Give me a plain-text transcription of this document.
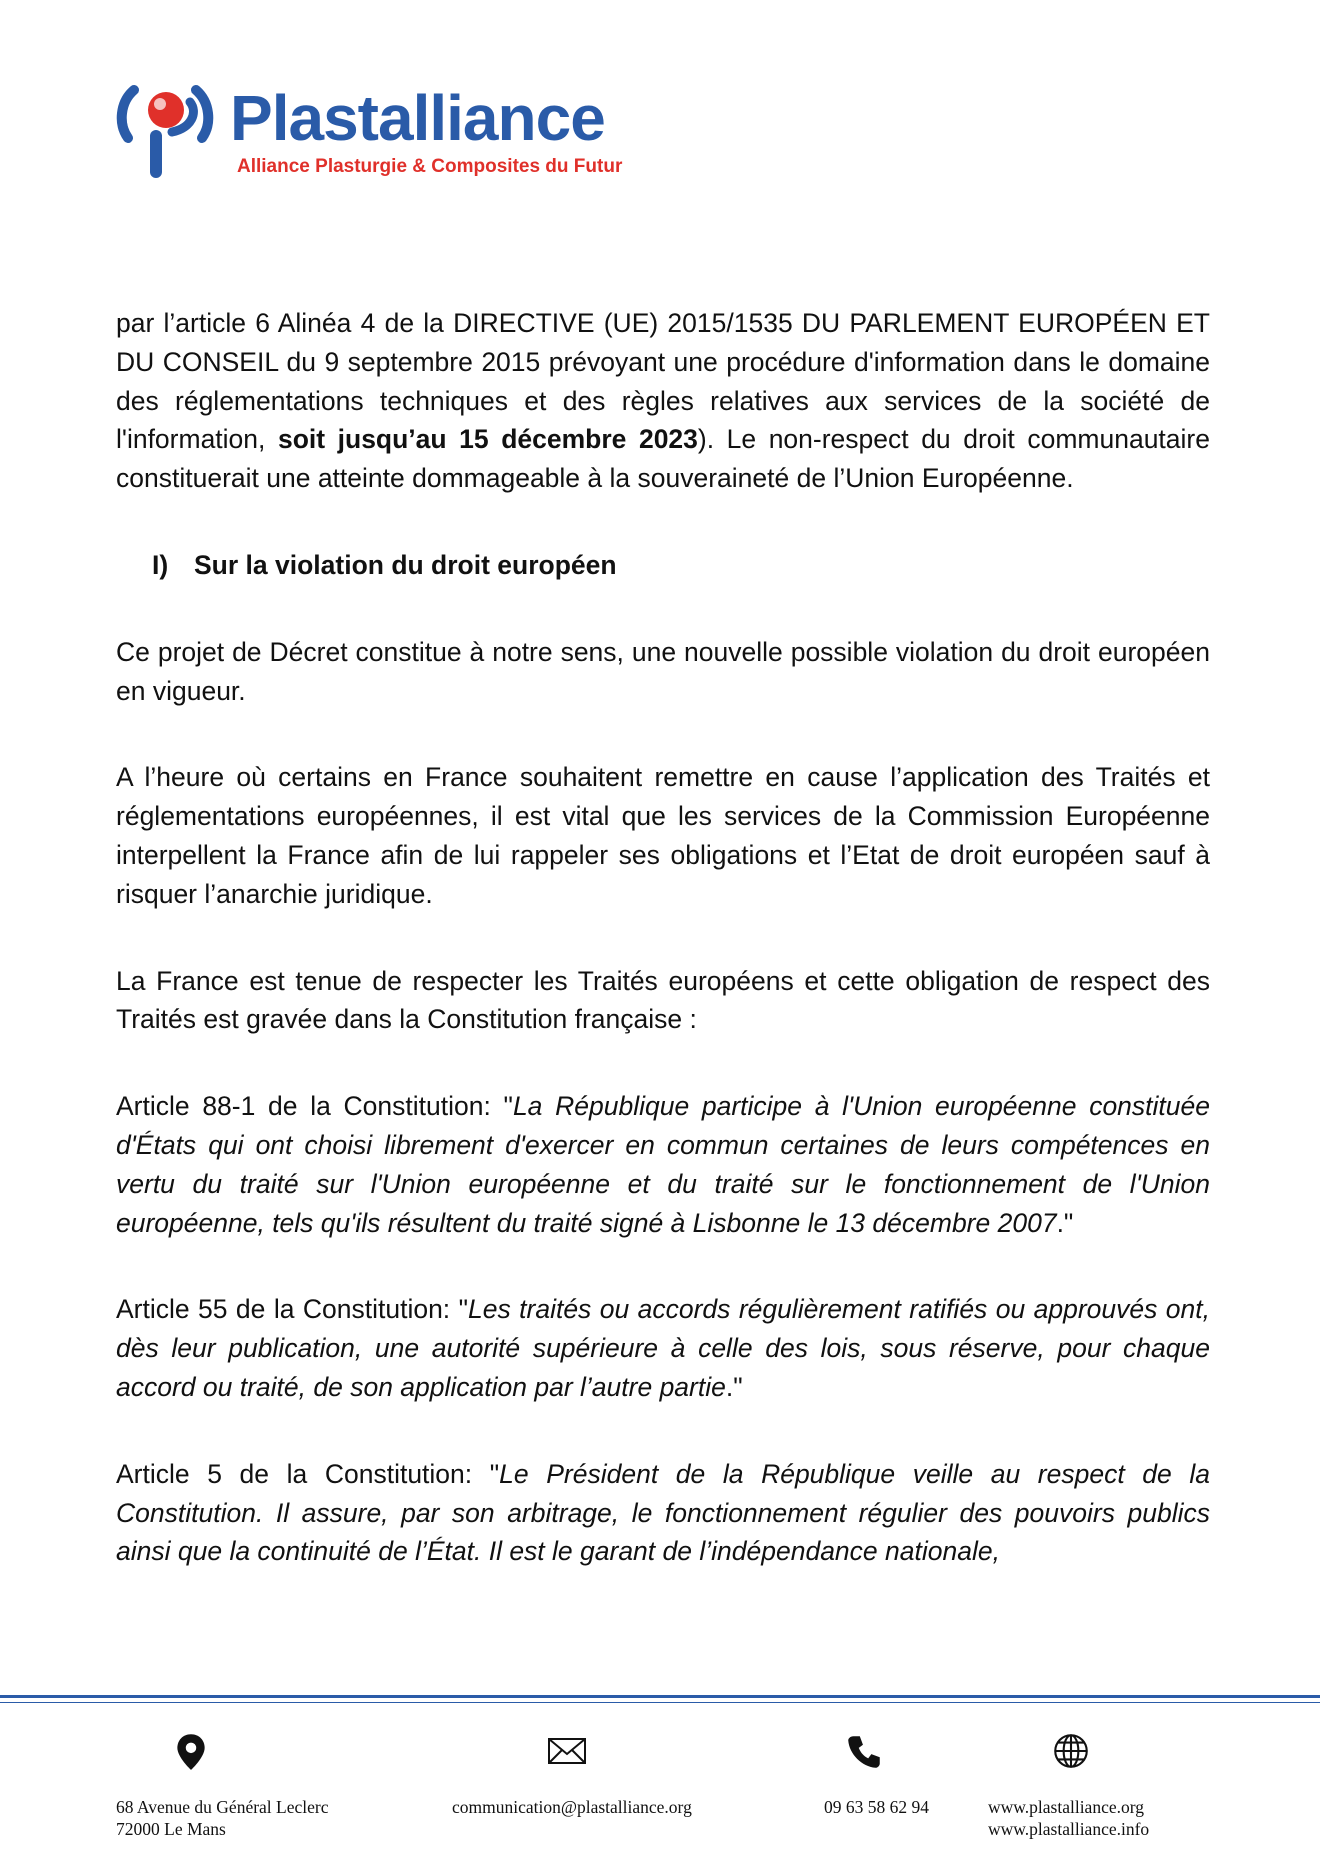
Plastalliance
Alliance Plasturgie & Composites du Futur

par l’article 6 Alinéa 4 de la DIRECTIVE (UE) 2015/1535 DU PARLEMENT EUROPÉEN ET DU CONSEIL du 9 septembre 2015 prévoyant une procédure d'information dans le domaine des réglementations techniques et des règles relatives aux services de la société de l'information, soit jusqu’au 15 décembre 2023). Le non-respect du droit communautaire constituerait une atteinte dommageable à la souveraineté de l’Union Européenne.

I) Sur la violation du droit européen

Ce projet de Décret constitue à notre sens, une nouvelle possible violation du droit européen en vigueur.

A l’heure où certains en France souhaitent remettre en cause l’application des Traités et réglementations européennes, il est vital que les services de la Commission Européenne interpellent la France afin de lui rappeler ses obligations et l’Etat de droit européen sauf à risquer l’anarchie juridique.

La France est tenue de respecter les Traités européens et cette obligation de respect des Traités est gravée dans la Constitution française :

Article 88-1 de la Constitution: "La République participe à l'Union européenne constituée d'États qui ont choisi librement d'exercer en commun certaines de leurs compétences en vertu du traité sur l'Union européenne et du traité sur le fonctionnement de l'Union européenne, tels qu'ils résultent du traité signé à Lisbonne le 13 décembre 2007."

Article 55 de la Constitution: "Les traités ou accords régulièrement ratifiés ou approuvés ont, dès leur publication, une autorité supérieure à celle des lois, sous réserve, pour chaque accord ou traité, de son application par l’autre partie."

Article 5 de la Constitution: "Le Président de la République veille au respect de la Constitution. Il assure, par son arbitrage, le fonctionnement régulier des pouvoirs publics ainsi que la continuité de l’État. Il est le garant de l’indépendance nationale,

68 Avenue du Général Leclerc
72000 Le Mans
communication@plastalliance.org	09 63 58 62 94	www.plastalliance.org
www.plastalliance.info
